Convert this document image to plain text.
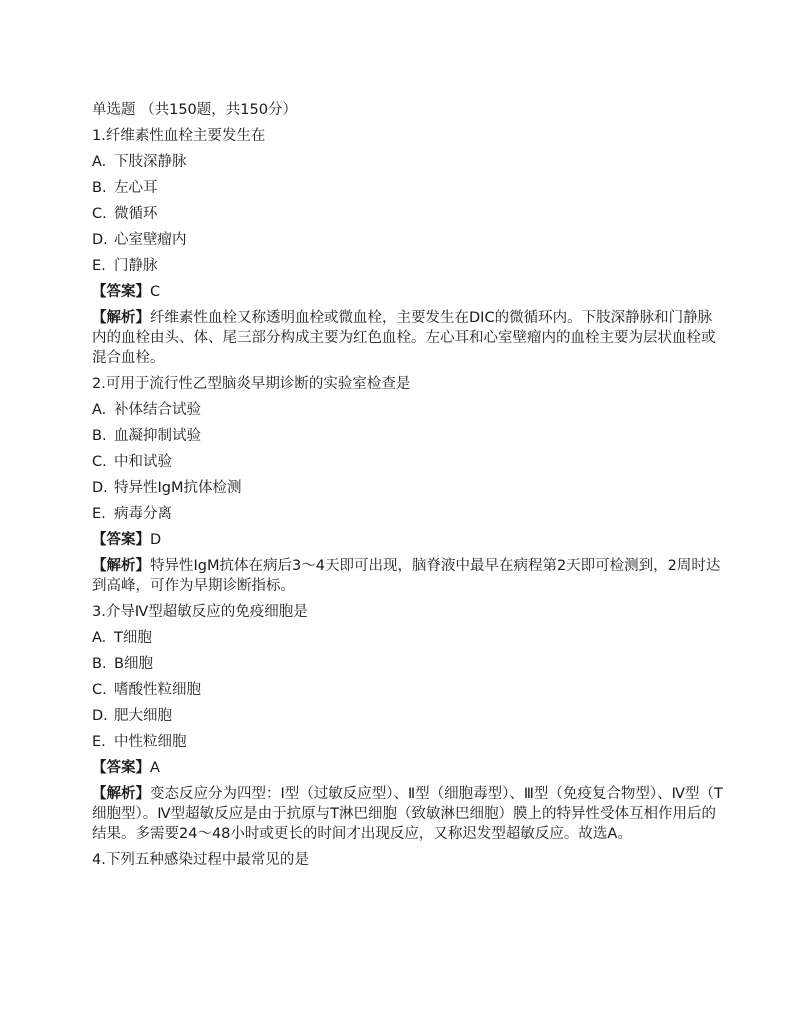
单选题 （共150题，共150分）
1.纤维素性血栓主要发生在
A. 下肢深静脉
B. 左心耳
C. 微循环
D. 心室壁瘤内
E. 门静脉
【答案】C
【解析】纤维素性血栓又称透明血栓或微血栓，主要发生在DIC的微循环内。下肢深静脉和门静脉内的血栓由头、体、尾三部分构成主要为红色血栓。左心耳和心室壁瘤内的血栓主要为层状血栓或混合血栓。
2.可用于流行性乙型脑炎早期诊断的实验室检查是
A. 补体结合试验
B. 血凝抑制试验
C. 中和试验
D. 特异性IgM抗体检测
E. 病毒分离
【答案】D
【解析】特异性IgM抗体在病后3～4天即可出现，脑脊液中最早在病程第2天即可检测到，2周时达到高峰，可作为早期诊断指标。
3.介导Ⅳ型超敏反应的免疫细胞是
A. T细胞
B. B细胞
C. 嗜酸性粒细胞
D. 肥大细胞
E. 中性粒细胞
【答案】A
【解析】变态反应分为四型：Ⅰ型（过敏反应型）、Ⅱ型（细胞毒型）、Ⅲ型（免疫复合物型）、Ⅳ型（T细胞型）。Ⅳ型超敏反应是由于抗原与T淋巴细胞（致敏淋巴细胞）膜上的特异性受体互相作用后的结果。多需要24～48小时或更长的时间才出现反应，又称迟发型超敏反应。故选A。
4.下列五种感染过程中最常见的是
